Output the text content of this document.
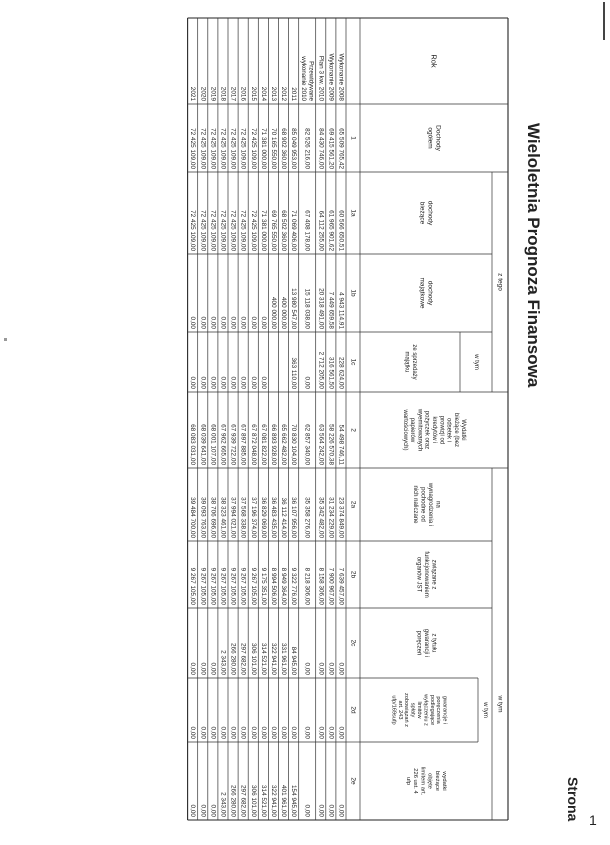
Wieloletnia Prognoza Finansowa
Strona 1
z tego
w tym
w tym
w tym
Rok
Dochody
ogółem
dochody
bieżące
dochody
majątkowe
ze sprzedaży
majątku
Wydatki
bieżące (bez
odsetek i
prowizji od
kredytów i
pożyczek oraz
wyemitowanych
papierów
wartościowych)
na
wynagrodzenia i
pochodne od
nich naliczane
związane z
funkcjonowaniem
organów JST
z tytułu
gwarancji i
poręczeń
gwarancje i
poręczenia
podlegające
wyłączeniu z
limitów
spłaty
zobowiązań z
art. 243
ufp/169sufp
wydatki
bieżące
objęte
limitem art.
226 ust. 4
ufp
1
1a
1b
1c
2
2a
2b
2c
2d
2e
Wykonanie 2008
65 509 765,42
60 566 650,51
4 943 114,91
228 624,00
54 498 746,11
23 374 849,00
7 639 457,00
0,00
0,00
0,00
Wykonanie 2009
69 415 561,20
61 965 901,62
7 449 659,58
316 561,50
58 226 570,38
31 234 229,00
7 900 967,00
0,00
0,00
0,00
Plan 3 kw. 2010
84 430 746,00
64 112 255,00
20 318 491,00
2 712 205,00
63 564 242,00
35 342 482,00
8 158 306,00
0,00
0,00
0,00
Przewidywane
wykonanie 2010
82 526 216,00
67 408 178,00
15 118 038,00
0,00
62 857 340,00
35 358 276,00
8 218 306,00
0,00
0,00
0,00
2011
85 049 953,00
71 069 406,00
13 980 547,00
363 110,00
70 830 104,00
36 107 956,00
9 322 776,00
84 945,00
0,00
154 945,00
2012
68 902 360,00
68 502 360,00
400 000,00
65 662 482,00
36 112 414,00
8 949 364,00
331 961,00
0,00
401 961,00
2013
70 165 550,00
69 765 550,00
400 000,00
66 893 928,00
36 483 435,00
8 994 506,00
322 941,00
0,00
322 941,00
2014
71 381 000,00
71 381 000,00
0,00
0,00
67 081 822,00
36 829 069,00
9 175 351,00
314 521,00
0,00
314 521,00
2015
72 425 109,00
72 425 109,00
0,00
0,00
67 872 048,00
37 196 374,00
9 267 105,00
306 101,00
0,00
306 101,00
2016
72 425 109,00
72 425 109,00
0,00
0,00
67 897 885,00
37 568 338,00
9 267 105,00
297 682,00
0,00
297 682,00
2017
72 425 109,00
72 425 109,00
0,00
0,00
67 939 722,00
37 994 021,00
9 267 105,00
266 280,00
0,00
266 280,00
2018
72 425 109,00
72 425 109,00
0,00
0,00
67 962 665,00
38 323 461,00
9 267 105,00
2 343,00
0,00
2 343,00
2019
72 425 109,00
72 425 109,00
0,00
0,00
68 001 107,00
38 706 696,00
9 267 105,00
0,00
0,00
0,00
2020
72 425 109,00
72 425 109,00
0,00
0,00
68 039 641,00
39 093 763,00
9 267 105,00
0,00
0,00
0,00
2021
72 425 109,00
72 425 109,00
0,00
0,00
68 083 031,00
39 484 700,00
9 267 105,00
0,00
0,00
0,00
